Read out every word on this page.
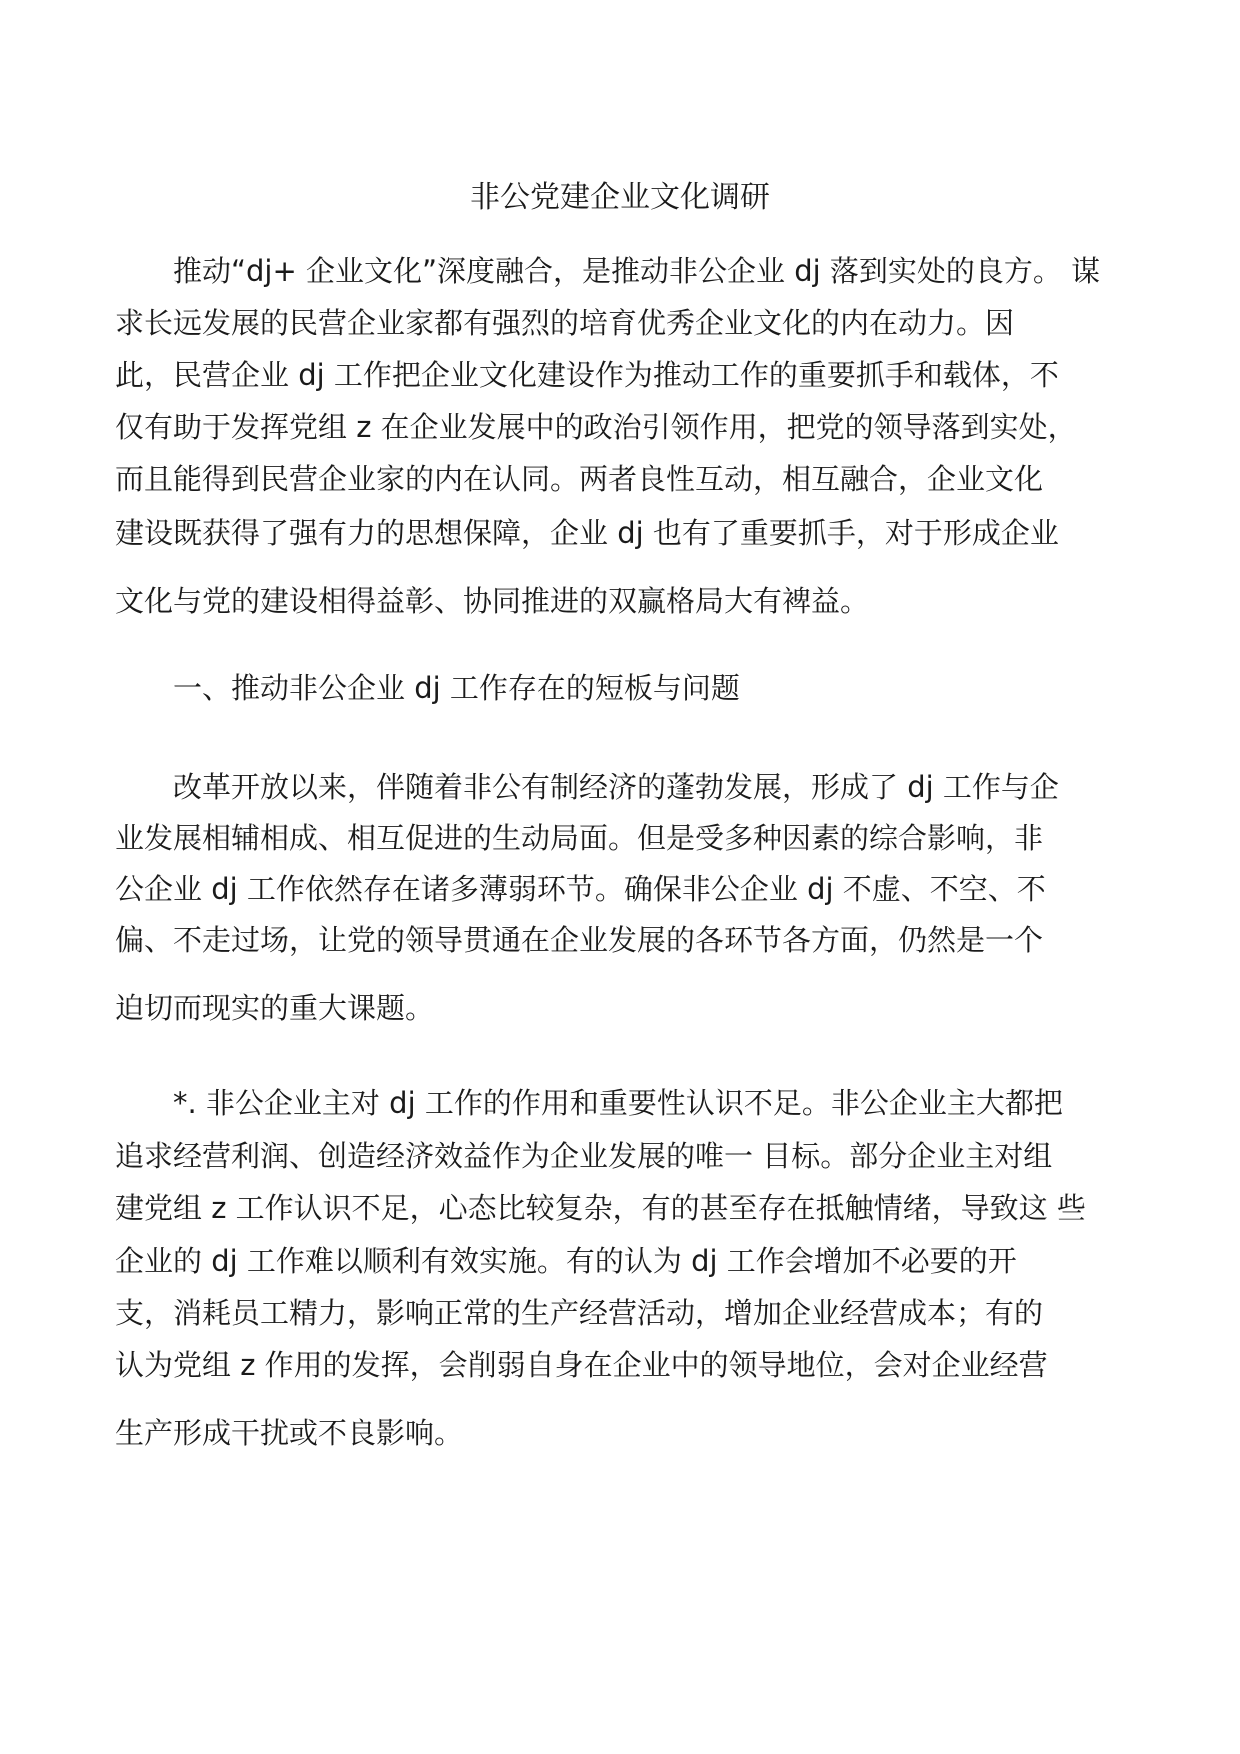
非公党建企业文化调研
推动“dj+ 企业文化”深度融合，是推动非公企业 dj 落到实处的良方。 谋
求长远发展的民营企业家都有强烈的培育优秀企业文化的内在动力。因
此，民营企业 dj 工作把企业文化建设作为推动工作的重要抓手和载体，不
仅有助于发挥党组 z 在企业发展中的政治引领作用，把党的领导落到实处，
而且能得到民营企业家的内在认同。两者良性互动，相互融合，企业文化
建设既获得了强有力的思想保障，企业 dj 也有了重要抓手，对于形成企业
文化与党的建设相得益彰、协同推进的双赢格局大有裨益。
一、推动非公企业 dj 工作存在的短板与问题
改革开放以来，伴随着非公有制经济的蓬勃发展，形成了 dj 工作与企
业发展相辅相成、相互促进的生动局面。但是受多种因素的综合影响，非
公企业 dj 工作依然存在诸多薄弱环节。确保非公企业 dj 不虚、不空、不
偏、不走过场，让党的领导贯通在企业发展的各环节各方面，仍然是一个
迫切而现实的重大课题。
*. 非公企业主对 dj 工作的作用和重要性认识不足。非公企业主大都把
追求经营利润、创造经济效益作为企业发展的唯一 目标。部分企业主对组
建党组 z 工作认识不足，心态比较复杂，有的甚至存在抵触情绪，导致这 些
企业的 dj 工作难以顺利有效实施。有的认为 dj 工作会增加不必要的开
支，消耗员工精力，影响正常的生产经营活动，增加企业经营成本；有的
认为党组 z 作用的发挥，会削弱自身在企业中的领导地位，会对企业经营
生产形成干扰或不良影响。
